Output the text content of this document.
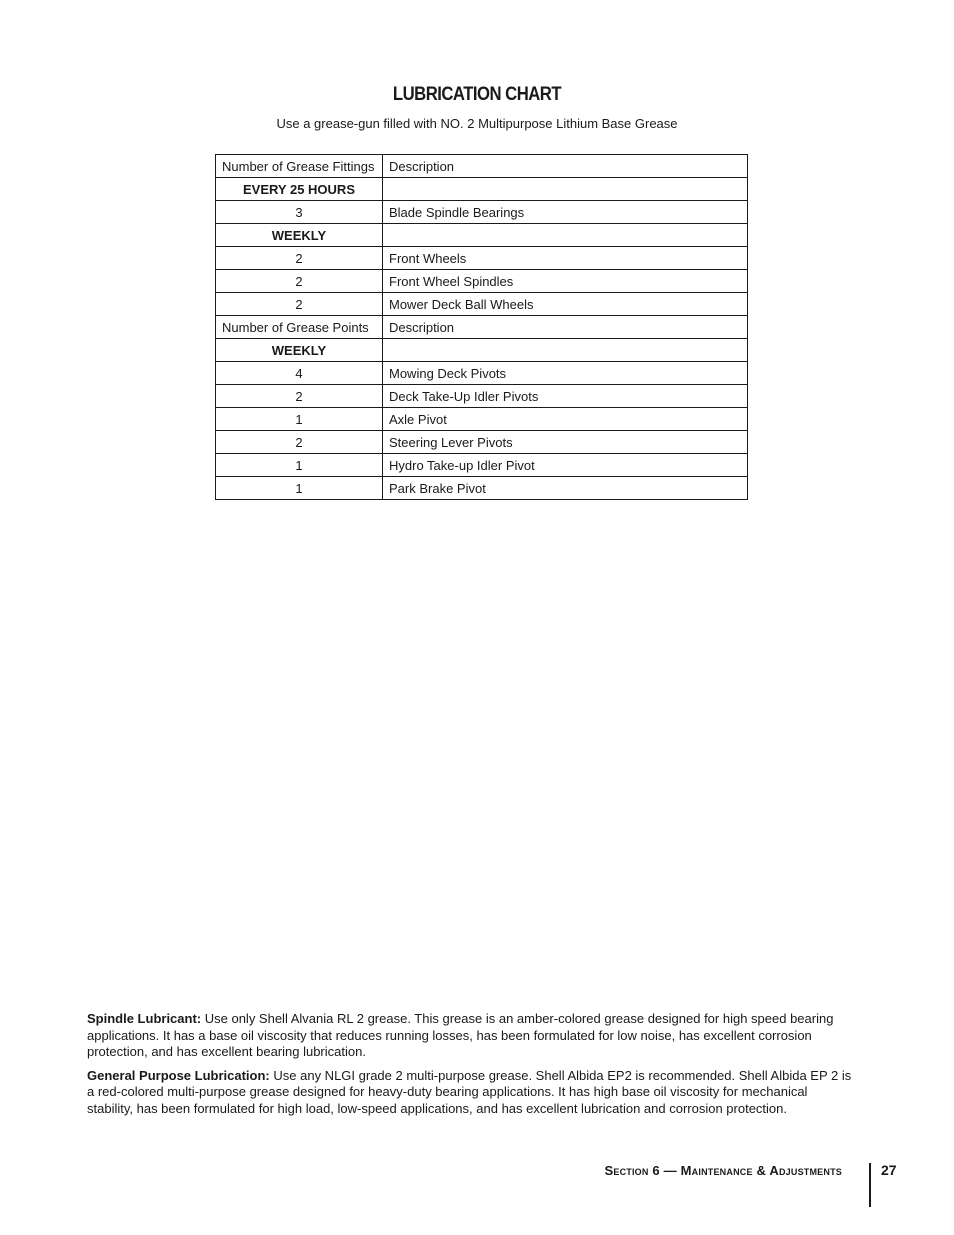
LUBRICATION CHART
Use a grease-gun filled with NO. 2 Multipurpose Lithium Base Grease
Number of Grease Fittings	Description
EVERY 25 HOURS	
3	Blade Spindle Bearings
WEEKLY	
2	Front Wheels
2	Front Wheel Spindles
2	Mower Deck Ball Wheels
Number of Grease Points	Description
WEEKLY	
4	Mowing Deck Pivots
2	Deck Take-Up Idler Pivots
1	Axle Pivot
2	Steering Lever Pivots
1	Hydro Take-up Idler Pivot
1	Park Brake Pivot

Spindle Lubricant: Use only Shell Alvania RL 2 grease. This grease is an amber-colored grease designed for high speed bearing applications. It has a base oil viscosity that reduces running losses, has been formulated for low noise, has excellent corrosion protection, and has excellent bearing lubrication.

General Purpose Lubrication: Use any NLGI grade 2 multi-purpose grease. Shell Albida EP2 is recommended. Shell Albida EP 2 is a red-colored multi-purpose grease designed for heavy-duty bearing applications. It has high base oil viscosity for mechanical stability, has been formulated for high load, low-speed applications, and has excellent lubrication and corrosion protection.

Section 6 — Maintenance & Adjustments	27
